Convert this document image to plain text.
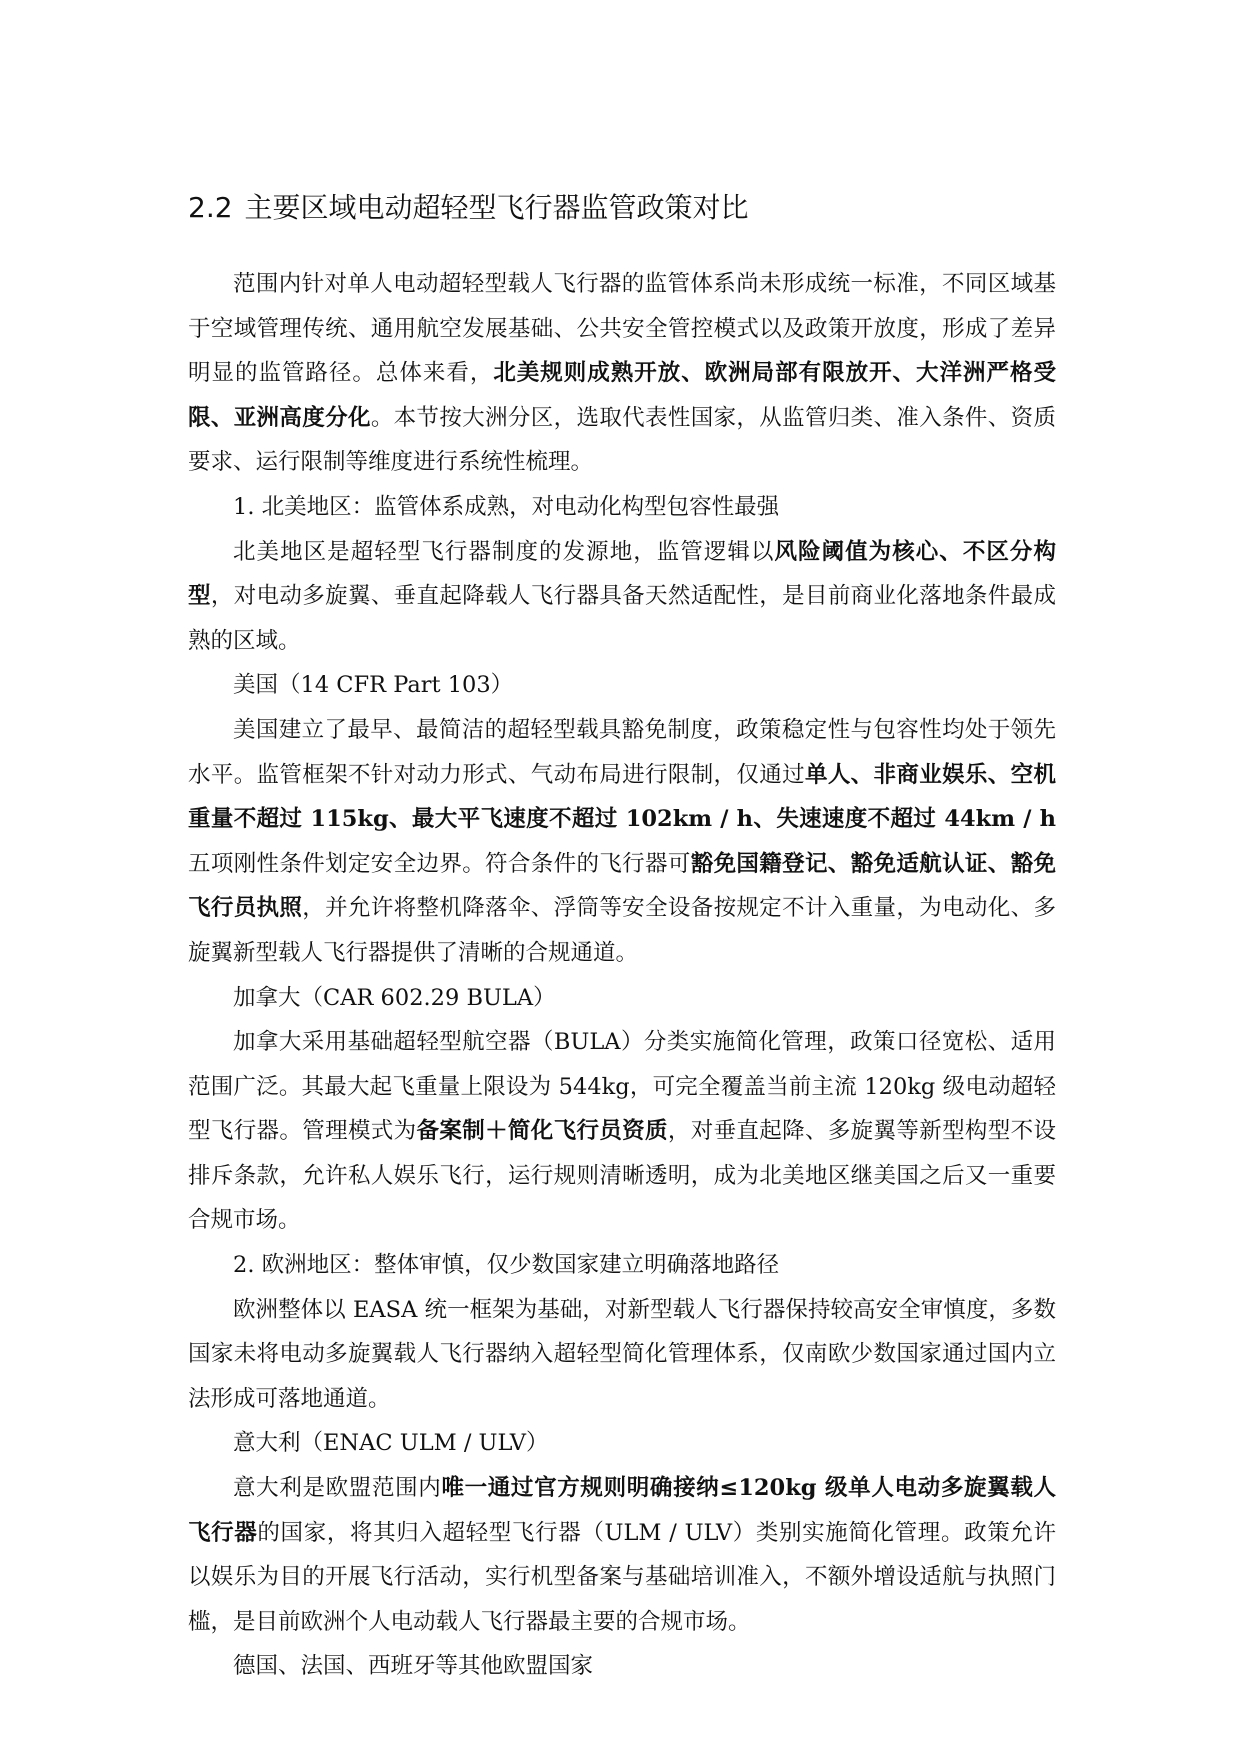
2.2 主要区域电动超轻型飞行器监管政策对比

范围内针对单人电动超轻型载人飞行器的监管体系尚未形成统一标准，不同区域基于空域管理传统、通用航空发展基础、公共安全管控模式以及政策开放度，形成了差异明显的监管路径。总体来看，北美规则成熟开放、欧洲局部有限放开、大洋洲严格受限、亚洲高度分化。本节按大洲分区，选取代表性国家，从监管归类、准入条件、资质要求、运行限制等维度进行系统性梳理。

1. 北美地区：监管体系成熟，对电动化构型包容性最强

北美地区是超轻型飞行器制度的发源地，监管逻辑以风险阈值为核心、不区分构型，对电动多旋翼、垂直起降载人飞行器具备天然适配性，是目前商业化落地条件最成熟的区域。

美国（14 CFR Part 103）

美国建立了最早、最简洁的超轻型载具豁免制度，政策稳定性与包容性均处于领先水平。监管框架不针对动力形式、气动布局进行限制，仅通过单人、非商业娱乐、空机重量不超过 115kg、最大平飞速度不超过 102km / h、失速速度不超过 44km / h五项刚性条件划定安全边界。符合条件的飞行器可豁免国籍登记、豁免适航认证、豁免飞行员执照，并允许将整机降落伞、浮筒等安全设备按规定不计入重量，为电动化、多旋翼新型载人飞行器提供了清晰的合规通道。

加拿大（CAR 602.29 BULA）

加拿大采用基础超轻型航空器（BULA）分类实施简化管理，政策口径宽松、适用范围广泛。其最大起飞重量上限设为 544kg，可完全覆盖当前主流 120kg 级电动超轻型飞行器。管理模式为备案制＋简化飞行员资质，对垂直起降、多旋翼等新型构型不设排斥条款，允许私人娱乐飞行，运行规则清晰透明，成为北美地区继美国之后又一重要合规市场。

2. 欧洲地区：整体审慎，仅少数国家建立明确落地路径

欧洲整体以 EASA 统一框架为基础，对新型载人飞行器保持较高安全审慎度，多数国家未将电动多旋翼载人飞行器纳入超轻型简化管理体系，仅南欧少数国家通过国内立法形成可落地通道。

意大利（ENAC ULM / ULV）

意大利是欧盟范围内唯一通过官方规则明确接纳≤120kg 级单人电动多旋翼载人飞行器的国家，将其归入超轻型飞行器（ULM / ULV）类别实施简化管理。政策允许以娱乐为目的开展飞行活动，实行机型备案与基础培训准入，不额外增设适航与执照门槛，是目前欧洲个人电动载人飞行器最主要的合规市场。

德国、法国、西班牙等其他欧盟国家
